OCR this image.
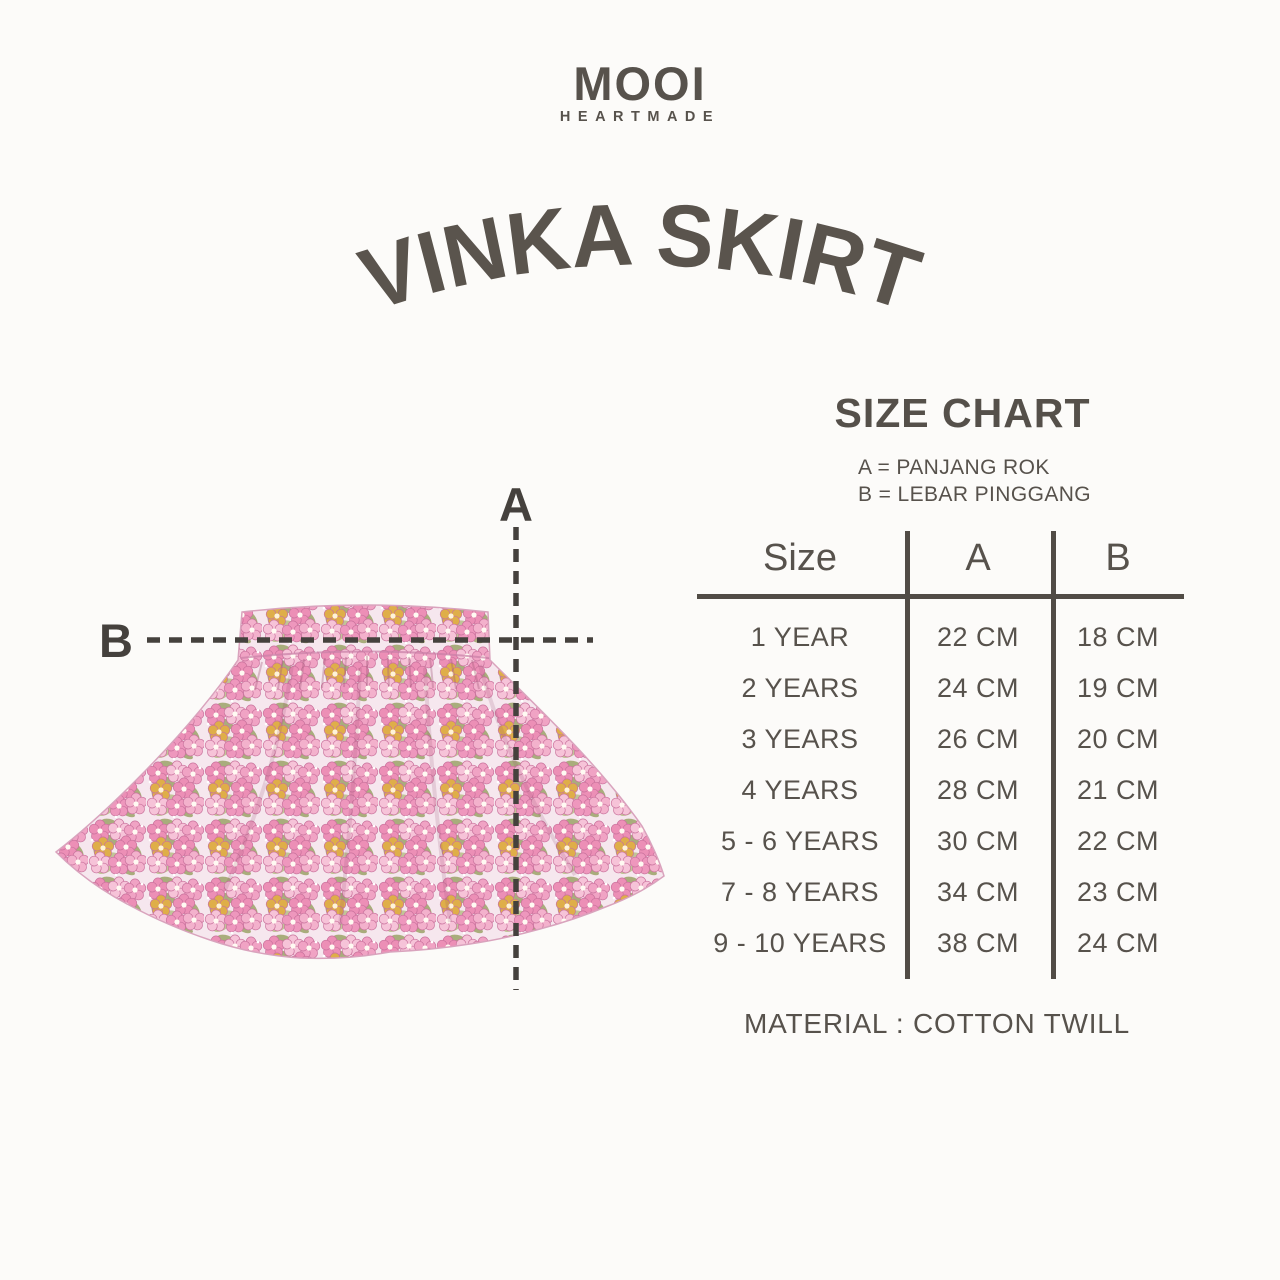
MOOI
HEARTMADE
VINKA SKIRT
A
B
SIZE CHART
A = PANJANG ROK
B = LEBAR PINGGANG
Size	A	B
1 YEAR	22 CM	18 CM
2 YEARS	24 CM	19 CM
3 YEARS	26 CM	20 CM
4 YEARS	28 CM	21 CM
5 - 6 YEARS	30 CM	22 CM
7 - 8 YEARS	34 CM	23 CM
9 - 10 YEARS	38 CM	24 CM
MATERIAL : COTTON TWILL
